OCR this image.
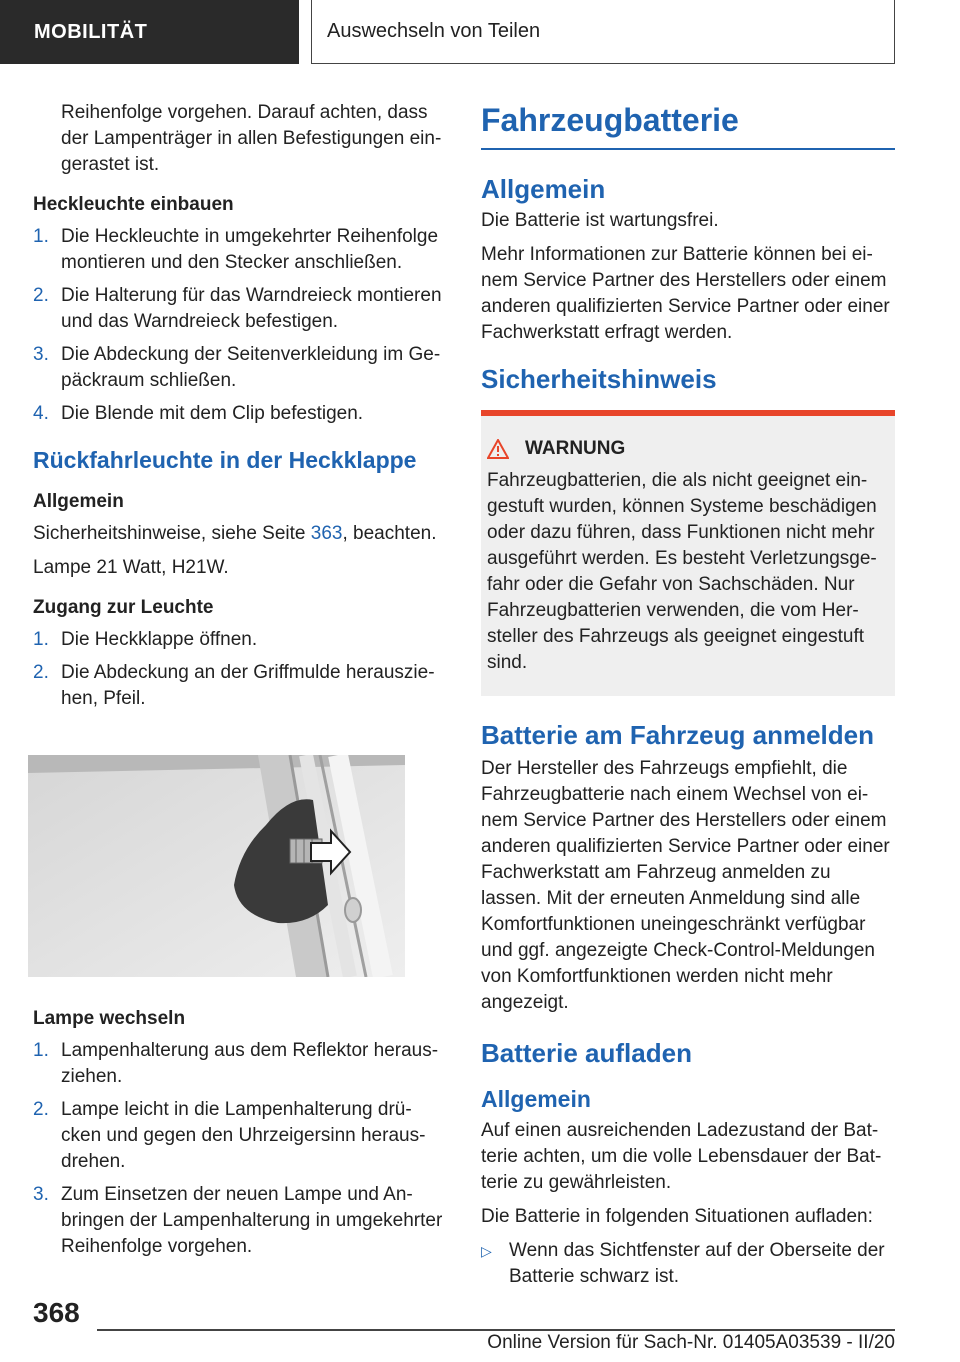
MOBILITÄT	Auswechseln von Teilen

Reihenfolge vorgehen. Darauf achten, dass der Lampenträger in allen Befestigungen eingerastet ist.

Heckleuchte einbauen

1. Die Heckleuchte in umgekehrter Reihenfolge montieren und den Stecker anschließen.
2. Die Halterung für das Warndreieck montieren und das Warndreieck befestigen.
3. Die Abdeckung der Seitenverkleidung im Gepäckraum schließen.
4. Die Blende mit dem Clip befestigen.

Rückfahrleuchte in der Heckklappe

Allgemein

Sicherheitshinweise, siehe Seite 363, beachten.

Lampe 21 Watt, H21W.

Zugang zur Leuchte

1. Die Heckklappe öffnen.
2. Die Abdeckung an der Griffmulde herausziehen, Pfeil.

Lampe wechseln

1. Lampenhalterung aus dem Reflektor herausziehen.
2. Lampe leicht in die Lampenhalterung drücken und gegen den Uhrzeigersinn herausdrehen.
3. Zum Einsetzen der neuen Lampe und Anbringen der Lampenhalterung in umgekehrter Reihenfolge vorgehen.

Fahrzeugbatterie

Allgemein

Die Batterie ist wartungsfrei.

Mehr Informationen zur Batterie können bei einem Service Partner des Herstellers oder einem anderen qualifizierten Service Partner oder einer Fachwerkstatt erfragt werden.

Sicherheitshinweis

WARNUNG

Fahrzeugbatterien, die als nicht geeignet eingestuft wurden, können Systeme beschädigen oder dazu führen, dass Funktionen nicht mehr ausgeführt werden. Es besteht Verletzungsgefahr oder die Gefahr von Sachschäden. Nur Fahrzeugbatterien verwenden, die vom Hersteller des Fahrzeugs als geeignet eingestuft sind.

Batterie am Fahrzeug anmelden

Der Hersteller des Fahrzeugs empfiehlt, die Fahrzeugbatterie nach einem Wechsel von einem Service Partner des Herstellers oder einem anderen qualifizierten Service Partner oder einer Fachwerkstatt am Fahrzeug anmelden zu lassen. Mit der erneuten Anmeldung sind alle Komfortfunktionen uneingeschränkt verfügbar und ggf. angezeigte Check-Control-Meldungen von Komfortfunktionen werden nicht mehr angezeigt.

Batterie aufladen

Allgemein

Auf einen ausreichenden Ladezustand der Batterie achten, um die volle Lebensdauer der Batterie zu gewährleisten.

Die Batterie in folgenden Situationen aufladen:

▷ Wenn das Sichtfenster auf der Oberseite der Batterie schwarz ist.
368
Online Version für Sach-Nr. 01405A03539 - II/20
